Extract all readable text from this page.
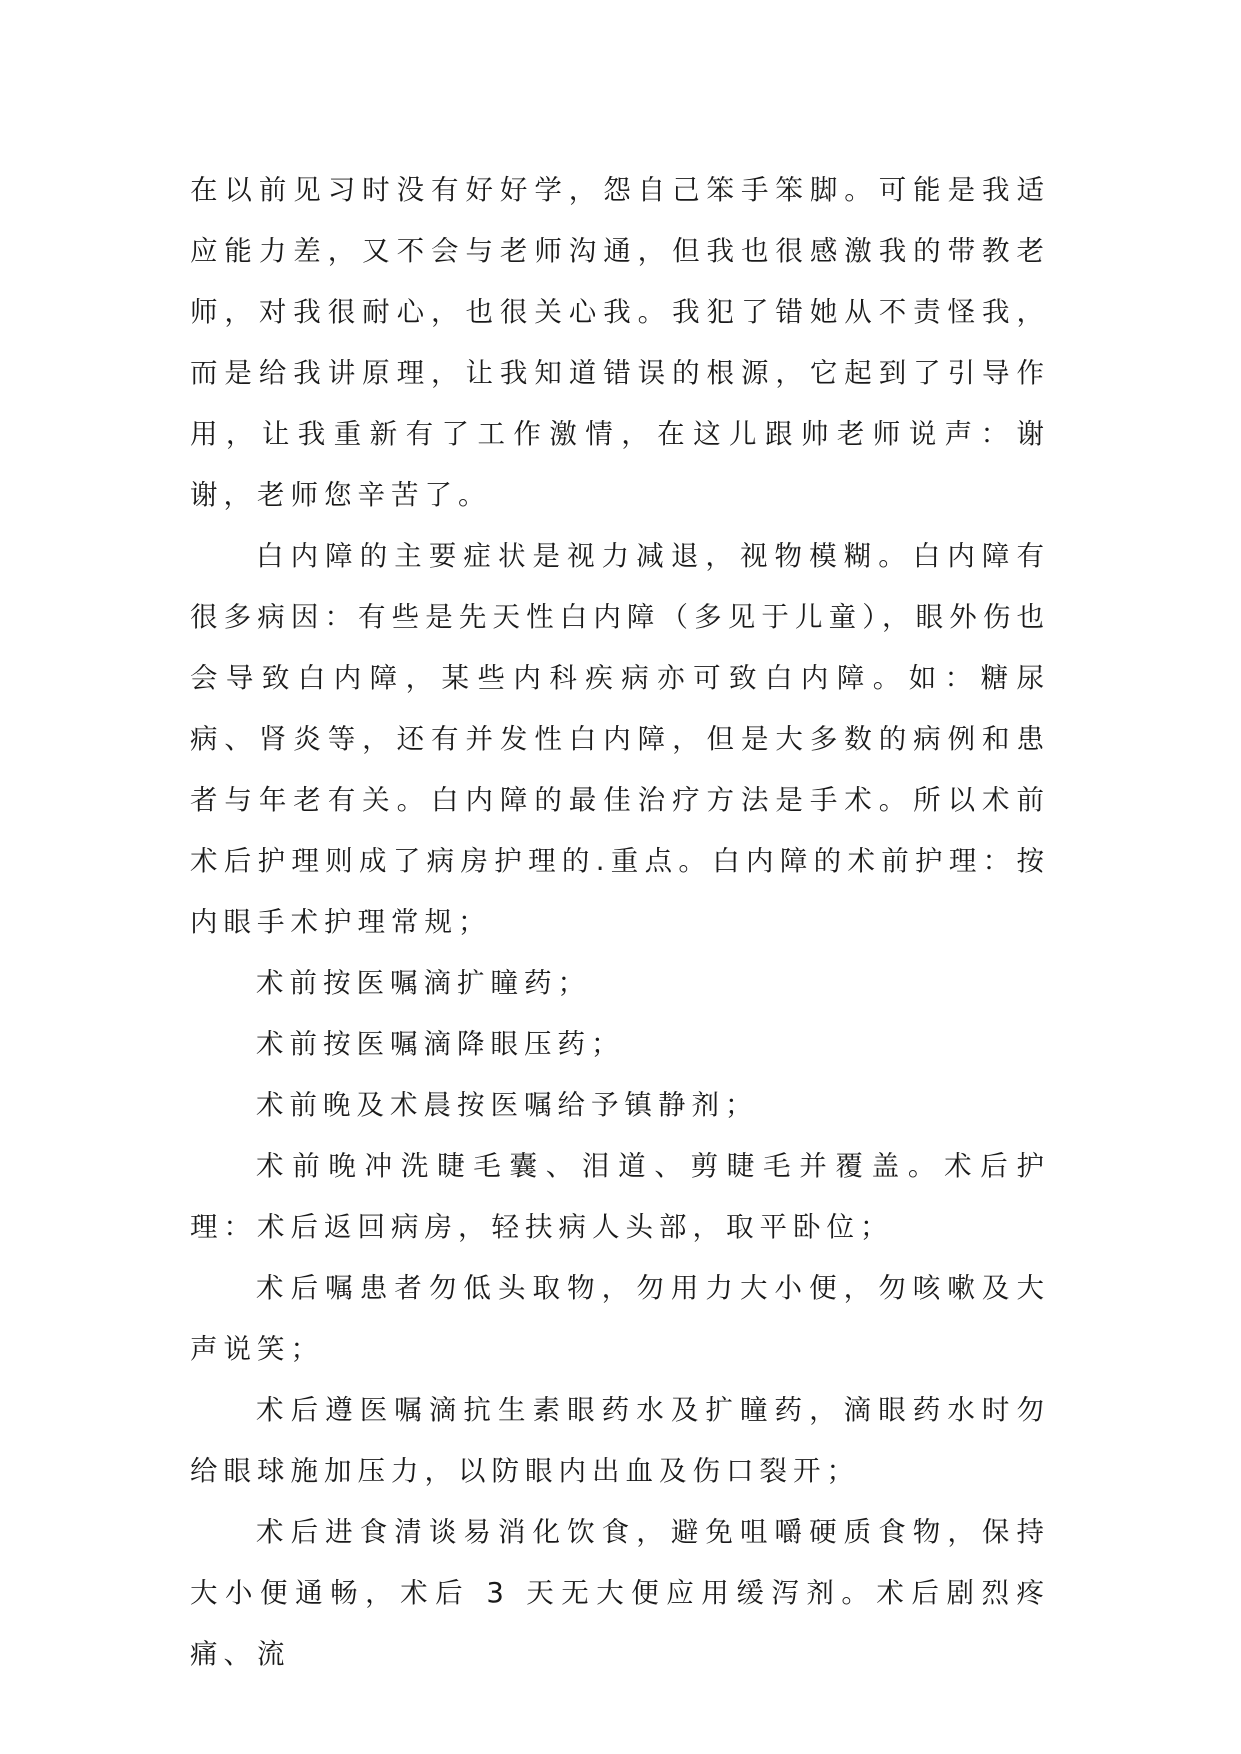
在以前见习时没有好好学，怨自己笨手笨脚。可能是我适应能力差，又不会与老师沟通，但我也很感激我的带教老师，对我很耐心，也很关心我。我犯了错她从不责怪我，而是给我讲原理，让我知道错误的根源，它起到了引导作用，让我重新有了工作激情，在这儿跟帅老师说声：谢谢，老师您辛苦了。

白内障的主要症状是视力减退，视物模糊。白内障有很多病因：有些是先天性白内障（多见于儿童），眼外伤也会导致白内障，某些内科疾病亦可致白内障。如：糖尿病、肾炎等，还有并发性白内障，但是大多数的病例和患者与年老有关。白内障的最佳治疗方法是手术。所以术前术后护理则成了病房护理的.重点。白内障的术前护理：按内眼手术护理常规；

术前按医嘱滴扩瞳药；

术前按医嘱滴降眼压药；

术前晚及术晨按医嘱给予镇静剂；

术前晚冲洗睫毛囊、泪道、剪睫毛并覆盖。术后护理：术后返回病房，轻扶病人头部，取平卧位；

术后嘱患者勿低头取物，勿用力大小便，勿咳嗽及大声说笑；

术后遵医嘱滴抗生素眼药水及扩瞳药，滴眼药水时勿给眼球施加压力，以防眼内出血及伤口裂开；

术后进食清谈易消化饮食，避免咀嚼硬质食物，保持大小便通畅，术后 3 天无大便应用缓泻剂。术后剧烈疼痛、流
